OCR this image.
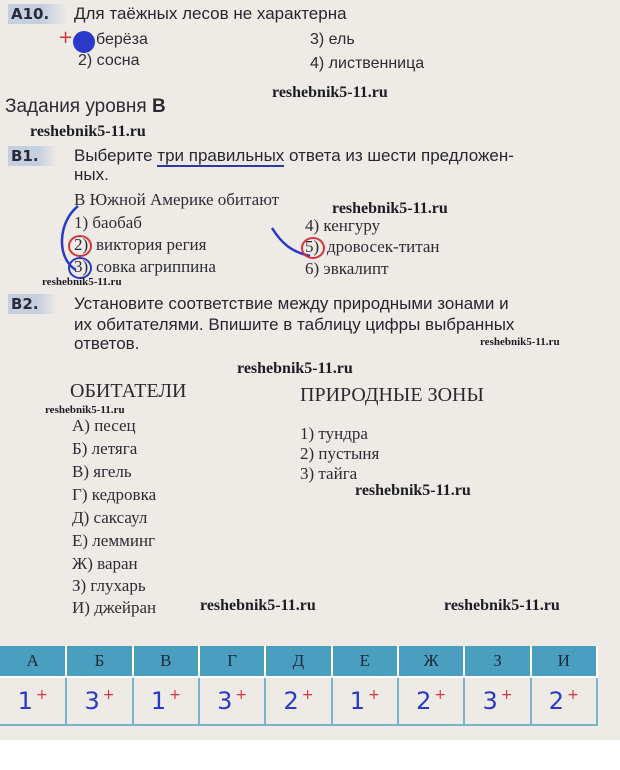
А10.	Для таёжных лесов не характерна
+ берёза
2) сосна
3) ель
4) лиственница
Задания уровня В
reshebnik5-11.ru
reshebnik5-11.ru
В1.	Выберите три правильных ответа из шести предложен-
ных.
В Южной Америке обитают	reshebnik5-11.ru
1) баобаб
2) виктория регия
3) совка агриппина
4) кенгуру
5) дровосек-титан
6) эвкалипт
reshebnik5-11.ru
В2.	Установите соответствие между природными зонами и
их обитателями. Впишите в таблицу цифры выбранных
ответов.	reshebnik5-11.ru
reshebnik5-11.ru
ОБИТАТЕЛИ	ПРИРОДНЫЕ ЗОНЫ
reshebnik5-11.ru
А) песец
Б) летяга
В) ягель
Г) кедровка
Д) саксаул
Е) лемминг
Ж) варан
З) глухарь
И) джейран
1) тундра
2) пустыня
3) тайга
reshebnik5-11.ru
reshebnik5-11.ru	reshebnik5-11.ru
А	Б	В	Г	Д	Е	Ж	З	И
1 +	3 +	1 +	3 +	2 +	1 +	2 +	3 +	2 +
